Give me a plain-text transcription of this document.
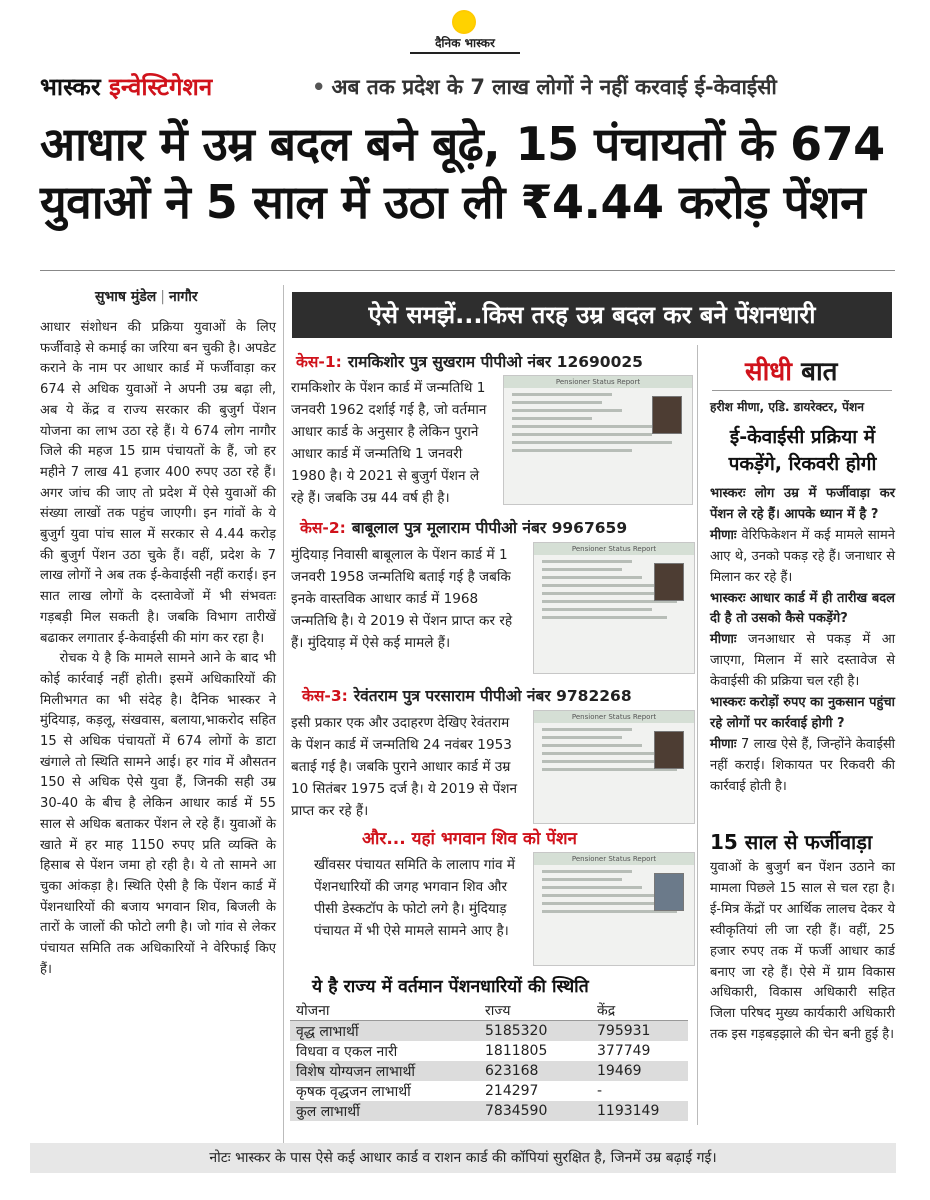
दैनिक भास्कर
भास्कर इन्वेस्टिगेशन	• अब तक प्रदेश के 7 लाख लोगों ने नहीं करवाई ई-केवाईसी
आधार में उम्र बदल बने बूढ़े, 15 पंचायतों के 674
युवाओं ने 5 साल में उठा ली ₹4.44 करोड़ पेंशन
सुभाष मुंडेल | नागौर

आधार संशोधन की प्रक्रिया युवाओं के लिए फर्जीवाड़े से कमाई का जरिया बन चुकी है। अपडेट कराने के नाम पर आधार कार्ड में फर्जीवाड़ा कर 674 से अधिक युवाओं ने अपनी उम्र बढ़ा ली, अब ये केंद्र व राज्य सरकार की बुजुर्ग पेंशन योजना का लाभ उठा रहे हैं। ये 674 लोग नागौर जिले की महज 15 ग्राम पंचायतों के हैं, जो हर महीने 7 लाख 41 हजार 400 रुपए उठा रहे हैं। अगर जांच की जाए तो प्रदेश में ऐसे युवाओं की संख्या लाखों तक पहुंच जाएगी। इन गांवों के ये बुजुर्ग युवा पांच साल में सरकार से 4.44 करोड़ की बुजुर्ग पेंशन उठा चुके हैं। वहीं, प्रदेश के 7 लाख लोगों ने अब तक ई-केवाईसी नहीं कराई। इन सात लाख लोगों के दस्तावेजों में भी संभवतः गड़बड़ी मिल सकती है। जबकि विभाग तारीखें बढाकर लगातार ई-केवाईसी की मांग कर रहा है।

रोचक ये है कि मामले सामने आने के बाद भी कोई कार्रवाई नहीं होती। इसमें अधिकारियों की मिलीभगत का भी संदेह है। दैनिक भास्कर ने मुंदियाड़, कड़लू, संखवास, बलाया,भाकरोद सहित 15 से अधिक पंचायतों में 674 लोगों के डाटा खंगाले तो स्थिति सामने आई। हर गांव में औसतन 150 से अधिक ऐसे युवा हैं, जिनकी सही उम्र 30-40 के बीच है लेकिन आधार कार्ड में 55 साल से अधिक बताकर पेंशन ले रहे हैं। युवाओं के खाते में हर माह 1150 रुपए प्रति व्यक्ति के हिसाब से पेंशन जमा हो रही है। ये तो सामने आ चुका आंकड़ा है। स्थिति ऐसी है कि पेंशन कार्ड में पेंशनधारियों की बजाय भगवान शिव, बिजली के तारों के जालों की फोटो लगी है। जो गांव से लेकर पंचायत समिति तक अधिकारियों ने वेरिफाई किए हैं।

ऐसे समझें...किस तरह उम्र बदल कर बने पेंशनधारी
केस-1: रामकिशोर पुत्र सुखराम पीपीओ नंबर 12690025
रामकिशोर के पेंशन कार्ड में जन्मतिथि 1 जनवरी 1962 दर्शाई गई है, जो वर्तमान आधार कार्ड के अनुसार है लेकिन पुराने आधार कार्ड में जन्मतिथि 1 जनवरी 1980 है। ये 2021 से बुजुर्ग पेंशन ले रहे हैं। जबकि उम्र 44 वर्ष ही है।
Pensioner Status Report
केस-2: बाबूलाल पुत्र मूलाराम पीपीओ नंबर 9967659
मुंदियाड़ निवासी बाबूलाल के पेंशन कार्ड में 1 जनवरी 1958 जन्मतिथि बताई गई है जबकि इनके वास्तविक आधार कार्ड में 1968 जन्मतिथि है। ये 2019 से पेंशन प्राप्त कर रहे हैं। मुंदियाड़ में ऐसे कई मामले हैं।
Pensioner Status Report
केस-3: रेवंतराम पुत्र परसाराम पीपीओ नंबर 9782268
इसी प्रकार एक और उदाहरण देखिए रेवंतराम के पेंशन कार्ड में जन्मतिथि 24 नवंबर 1953 बताई गई है। जबकि पुराने आधार कार्ड में उम्र 10 सितंबर 1975 दर्ज है। ये 2019 से पेंशन प्राप्त कर रहे हैं।
Pensioner Status Report
और... यहां भगवान शिव को पेंशन
खींवसर पंचायत समिति के लालाप गांव में पेंशनधारियों की जगह भगवान शिव और पीसी डेस्कटॉप के फोटो लगे है। मुंदियाड़ पंचायत में भी ऐसे मामले सामने आए है।
Pensioner Status Report
ये है राज्य में वर्तमान पेंशनधारियों की स्थिति
योजना	राज्य	केंद्र
वृद्ध लाभार्थी	5185320	795931
विधवा व एकल नारी	1811805	377749
विशेष योग्यजन लाभार्थी	623168	19469
कृषक वृद्धजन लाभार्थी	214297	-
कुल लाभार्थी	7834590	1193149
सीधी बात
हरीश मीणा, एडि. डायरेक्टर, पेंशन
ई-केवाईसी प्रक्रिया में पकड़ेंगे, रिकवरी होगी

भास्करः लोग उम्र में फर्जीवाड़ा कर पेंशन ले रहे हैं। आपके ध्यान में है ?

मीणाः वेरिफिकेशन में कई मामले सामने आए थे, उनको पकड़ रहे हैं। जनाधार से मिलान कर रहे हैं।

भास्करः आधार कार्ड में ही तारीख बदल दी है तो उसको कैसे पकड़ेंगे?

मीणाः जनआधार से पकड़ में आ जाएगा, मिलान में सारे दस्तावेज से केवाईसी की प्रक्रिया चल रही है।

भास्करः करोड़ों रुपए का नुकसान पहुंचा रहे लोगों पर कार्रवाई होगी ?

मीणाः 7 लाख ऐसे हैं, जिन्होंने केवाईसी नहीं कराई। शिकायत पर रिकवरी की कार्रवाई होती है।

15 साल से फर्जीवाड़ा
युवाओं के बुजुर्ग बन पेंशन उठाने का मामला पिछले 15 साल से चल रहा है। ई-मित्र केंद्रों पर आर्थिक लालच देकर ये स्वीकृतियां ली जा रही हैं। वहीं, 25 हजार रुपए तक में फर्जी आधार कार्ड बनाए जा रहे हैं। ऐसे में ग्राम विकास अधिकारी, विकास अधिकारी सहित जिला परिषद मुख्य कार्यकारी अधिकारी तक इस गड़बड़झाले की चेन बनी हुई है।
नोटः भास्कर के पास ऐसे कई आधार कार्ड व राशन कार्ड की कॉपियां सुरक्षित है, जिनमें उम्र बढ़ाई गई।
